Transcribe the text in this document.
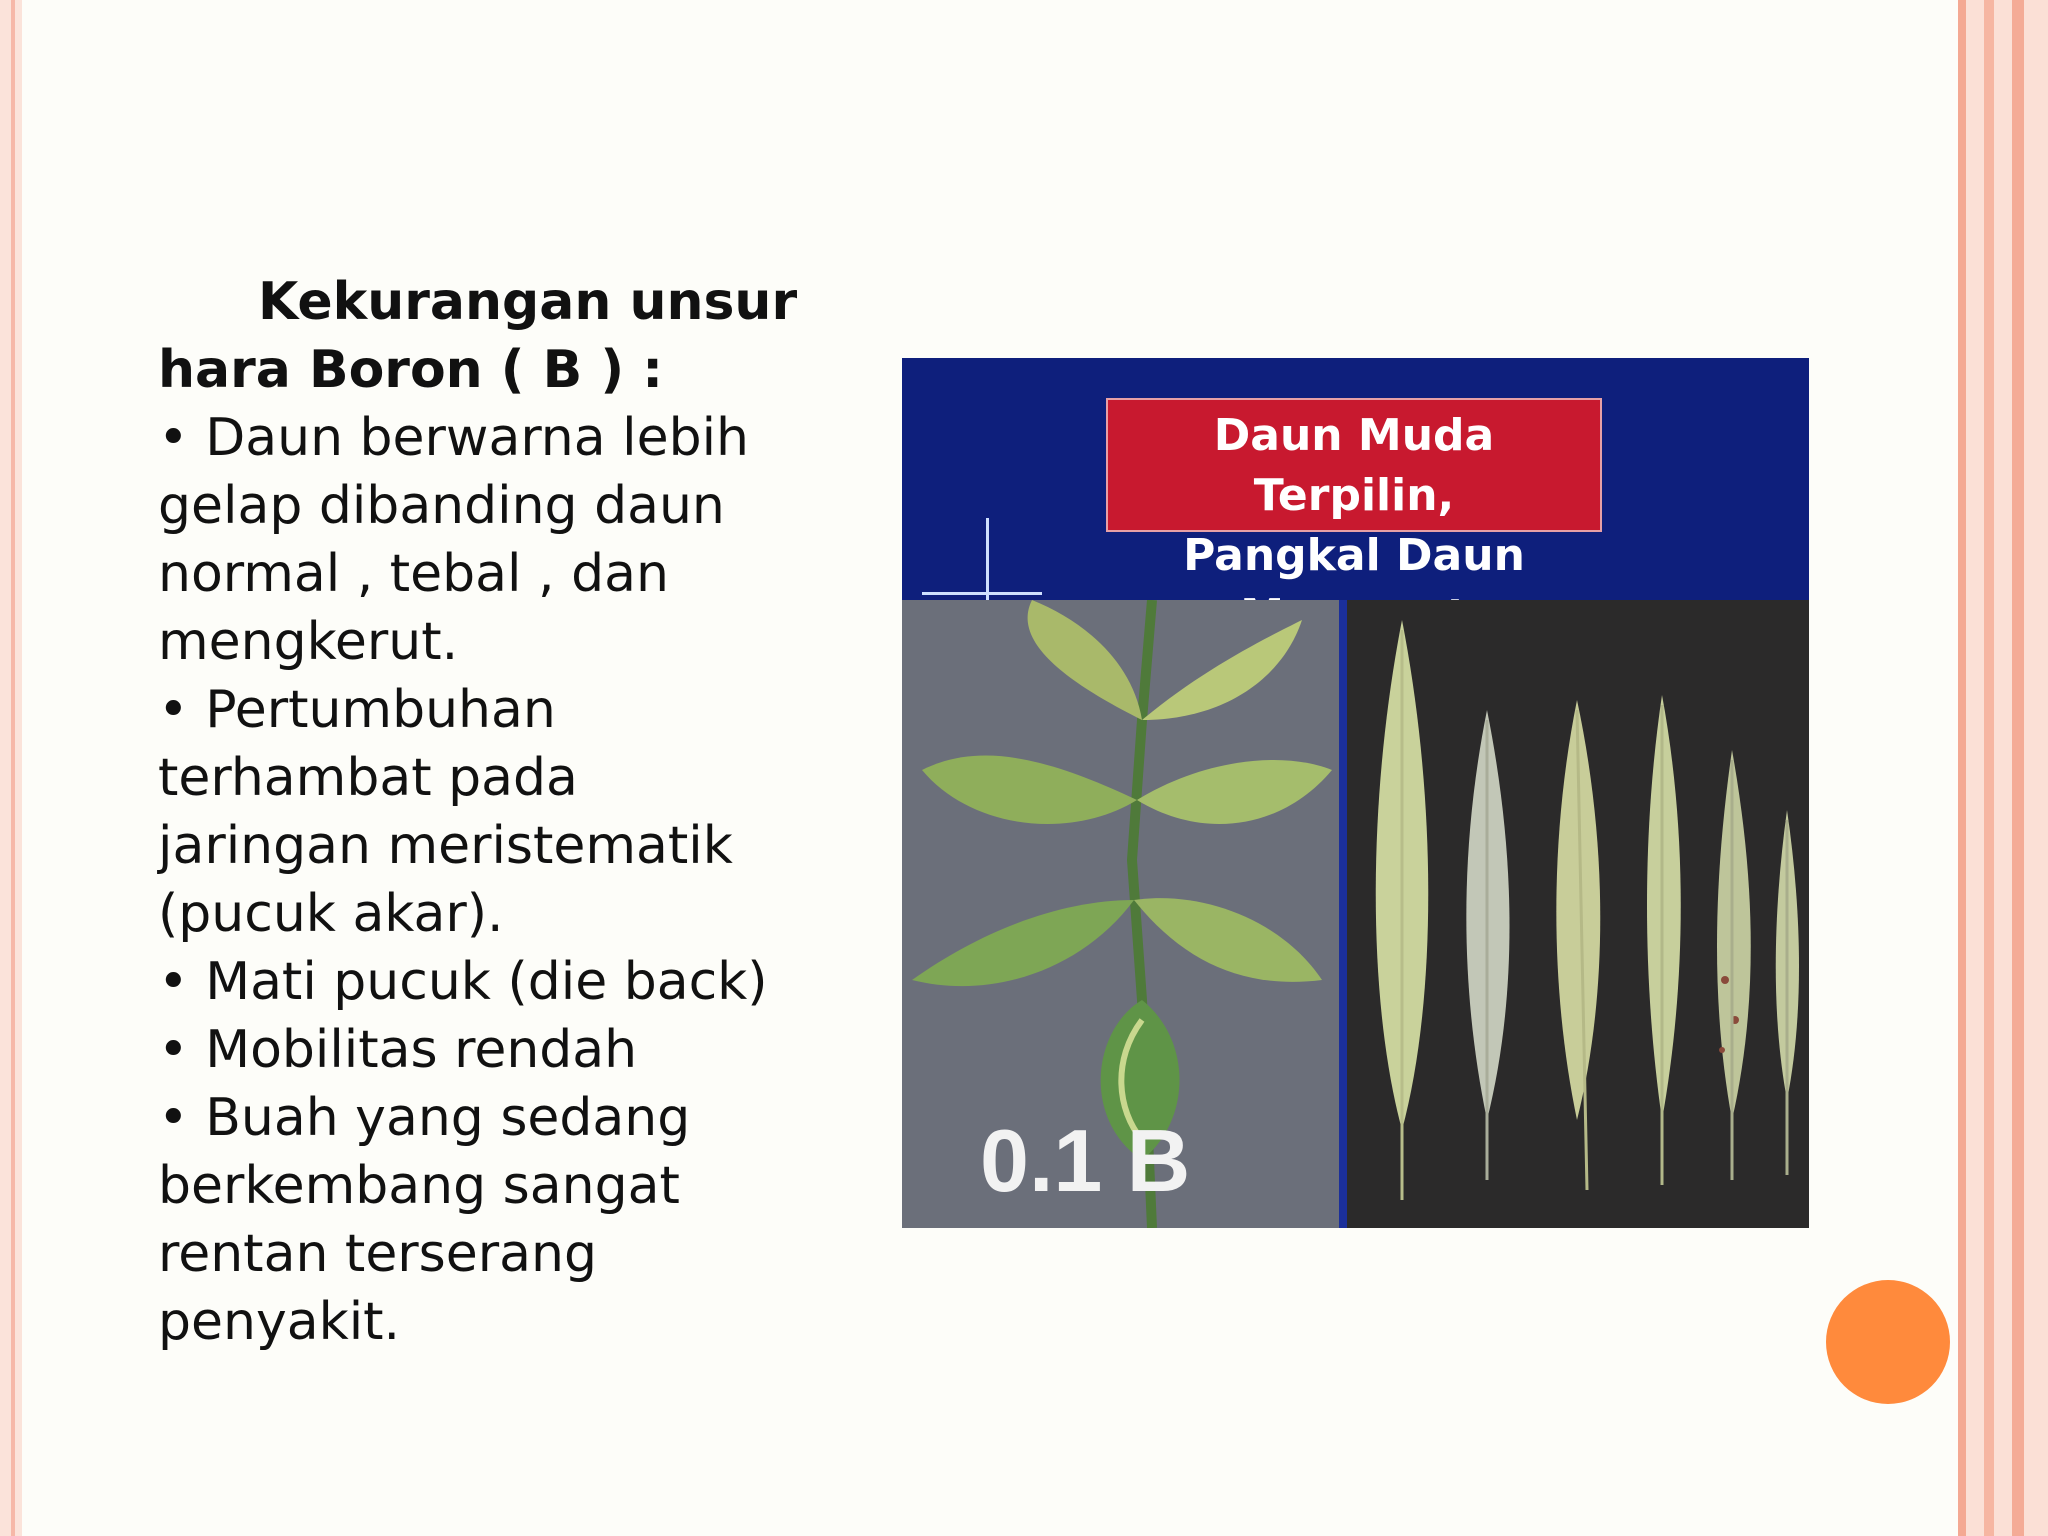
Kekurangan unsur
hara Boron ( B ) :
• Daun berwarna lebih
gelap dibanding daun
normal , tebal , dan
mengkerut.
• Pertumbuhan
terhambat pada
jaringan meristematik
(pucuk akar).
• Mati pucuk (die back)
• Mobilitas rendah
• Buah yang sedang
berkembang sangat
rentan terserang
penyakit.
Daun Muda Terpilin,
Pangkal Daun
0.1 B
